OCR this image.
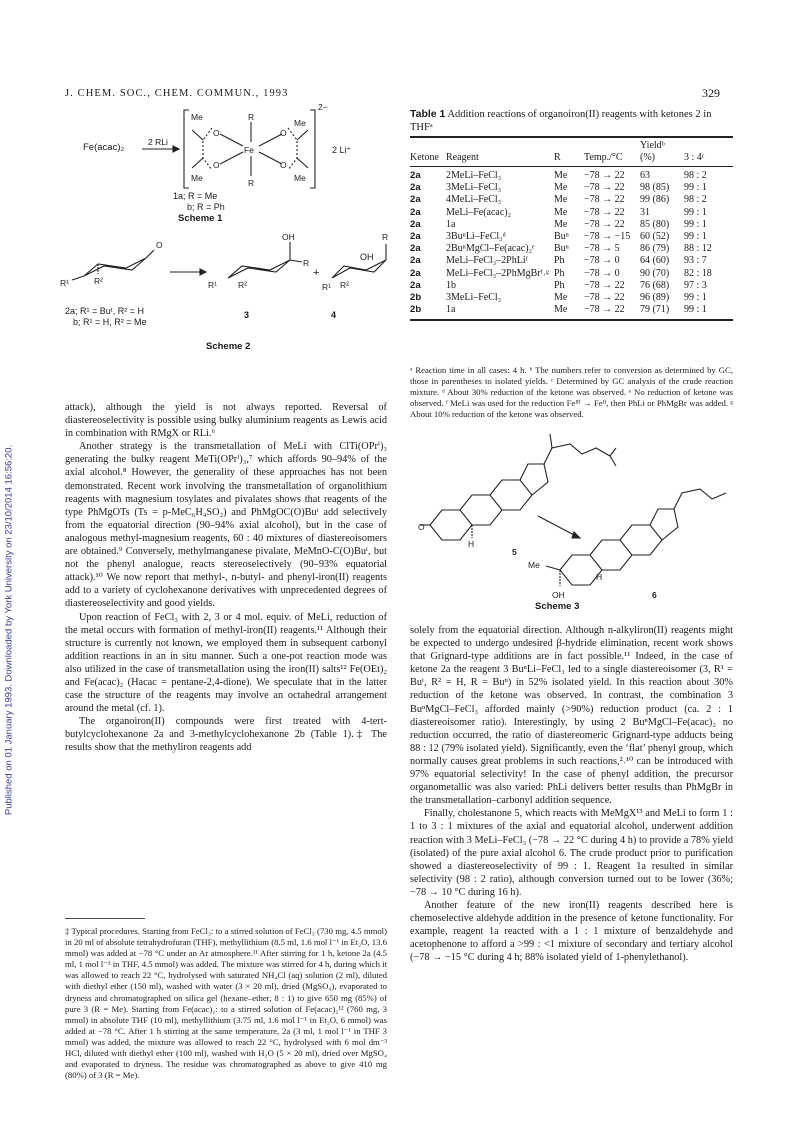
Published on 01 January 1993. Downloaded by York University on 23/10/2014 16:56:20.
J. CHEM. SOC., CHEM. COMMUN., 1993	329
Fe(acac)₂	2 RLi
Me
Me
Me	Me
R
R
Fe
O
O
O
O
2−
2 Li⁺
1a; R = Me
b; R = Ph
Scheme 1
O
R¹	R²
OH
R
R¹ R²
+
R
R¹ R²
OH
2a; R¹ = Buᵗ, R² = H
b; R¹ = H, R² = Me
3	4
Scheme 2

attack), although the yield is not always reported. Reversal of diastereoselectivity is possible using bulky aluminium reagents as Lewis acid in combination with RMgX or RLi.⁶

Another strategy is the transmetallation of MeLi with ClTi(OPrⁱ)₃ generating the bulky reagent MeTi(OPrⁱ)₃,⁷ which affords 90–94% of the axial alcohol.⁸ However, the generality of these approaches has not been demonstrated. Recent work involving the transmetallation of organolithium reagents with magnesium tosylates and pivalates shows that reagents of the type PhMgOTs (Ts = p-MeC₆H₄SO₂) and PhMgOC(O)Buᵗ add selectively from the equatorial direction (90–94% axial alcohol), but in the case of analogous methyl-magnesium reagents, 60 : 40 mixtures of diastereoisomers are obtained.⁹ Conversely, methylmanganese pivalate, MeMnO-C(O)Buᵗ, but not the phenyl analogue, reacts stereoselectively (90–93% equatorial attack).¹⁰ We now report that methyl-, n-butyl- and phenyl-iron(II) reagents add to a variety of cyclohexanone derivatives with unprecedented degrees of diastereoselectivity and good yields.

Upon reaction of FeCl₃ with 2, 3 or 4 mol. equiv. of MeLi, reduction of the metal occurs with formation of methyl-iron(II) reagents.¹¹ Although their structure is currently not known, we employed them in subsequent carbonyl addition reactions in an in situ manner. Such a one-pot reaction mode was also utilized in the case of transmetallation using the iron(II) salts¹² Fe(OEt)₂ and Fe(acac)₂ (Hacac = pentane-2,4-dione). We speculate that in the latter case the structure of the reagents may involve an octahedral arrangement around the metal (cf. 1).

The organoiron(II) compounds were first treated with 4-tert-butylcyclohexanone 2a and 3-methylcyclohexanone 2b (Table 1).‡ The results show that the methyliron reagents add

‡ Typical procedures. Starting from FeCl₃: to a stirred solution of FeCl₃ (730 mg, 4.5 mmol) in 20 ml of absolute tetrahydrofuran (THF), methyllithium (8.5 ml, 1.6 mol l⁻¹ in Et₂O, 13.6 mmol) was added at −78 °C under an Ar atmosphere.¹¹ After stirring for 1 h, ketone 2a (4.5 ml, 1 mol l⁻¹ in THF, 4.5 mmol) was added. The mixture was stirred for 4 h, during which it was allowed to reach 22 °C, hydrolysed with saturated NH₄Cl (aq) solution (2 ml), diluted with diethyl ether (150 ml), washed with water (3 × 20 ml), dried (MgSO₄), evaporated to dryness and chromatographed on silica gel (hexane–ether, 8 : 1) to give 650 mg (85%) of pure 3 (R = Me). Starting from Fe(acac)₂: to a stirred solution of Fe(acac)₂¹² (760 mg, 3 mmol) in absolute THF (10 ml), methyllithium (3.75 ml, 1.6 mol l⁻¹ in Et₂O, 6 mmol) was added at −78 °C. After 1 h stirring at the same temperature, 2a (3 ml, 1 mol l⁻¹ in THF 3 mmol) was added, the mixture was allowed to reach 22 °C, hydrolysed with 6 mol dm⁻³ HCl, diluted with diethyl ether (100 ml), washed with H₂O (5 × 20 ml), dried over MgSO₄ and evaporated to dryness. The residue was chromatographed as above to give 410 mg (80%) of 3 (R = Me).
Table 1 Addition reactions of organoiron(II) reagents with ketones 2 in THFᵃ
Ketone	Reagent	R	Temp./°C	Yieldᵇ
(%)	3 : 4ᶜ

2a	2MeLi–FeCl₃	Me	−78 → 22	63	98 : 2
2a	3MeLi–FeCl₃	Me	−78 → 22	98 (85)	99 : 1
2a	4MeLi–FeCl₃	Me	−78 → 22	99 (86)	98 : 2
2a	MeLi–Fe(acac)₂	Me	−78 → 22	31	99 : 1
2a	1a	Me	−78 → 22	85 (80)	99 : 1
2a	3BuⁿLi–FeCl₃ᵈ	Buⁿ	−78 → −15	60 (52)	99 : 1
2a	2BuⁿMgCl–Fe(acac)₂ᵉ	Buⁿ	−78 → 5	86 (79)	88 : 12
2a	MeLi–FeCl₃–2PhLiᶠ	Ph	−78 → 0	64 (60)	93 : 7
2a	MeLi–FeCl₃–2PhMgBrᶠ˒ᵍ	Ph	−78 → 0	90 (70)	82 : 18
2a	1b	Ph	−78 → 22	76 (68)	97 : 3
2b	3MeLi–FeCl₃	Me	−78 → 22	96 (89)	99 : 1
2b	1a	Me	−78 → 22	79 (71)	99 : 1
ᵃ Reaction time in all cases: 4 h. ᵇ The numbers refer to conversion as determined by GC, those in parentheses to isolated yields. ᶜ Determined by GC analysis of the crude reaction mixture. ᵈ About 30% reduction of the ketone was observed. ᵉ No reduction of ketone was observed. ᶠ MeLi was used for the reduction Feᴵᴵᴵ → Feᴵᴵ, then PhLi or PhMgBr was added. ᵍ About 10% reduction of the ketone was observed.
O
H
5
Me
OH
H
6
Scheme 3

solely from the equatorial direction. Although n-alkyliron(II) reagents might be expected to undergo undesired β-hydride elimination, recent work shows that Grignard-type additions are in fact possible.¹¹ Indeed, in the case of ketone 2a the reagent 3 BuⁿLi–FeCl₃ led to a single diastereoisomer (3, R¹ = Buᵗ, R² = H, R = Buⁿ) in 52% isolated yield. In this reaction about 30% reduction of the ketone was observed. In contrast, the combination 3 BuⁿMgCl–FeCl₃ afforded mainly (>90%) reduction product (ca. 2 : 1 diastereoisomer ratio). Interestingly, by using 2 BuⁿMgCl–Fe(acac)₂ no reduction occurred, the ratio of diastereomeric Grignard-type adducts being 88 : 12 (79% isolated yield). Significantly, even the ‘flat’ phenyl group, which normally causes great problems in such reactions,²˒¹⁰ can be introduced with 97% equatorial selectivity! In the case of phenyl addition, the precursor organometallic was also varied: PhLi delivers better results than PhMgBr in the transmetallation–carbonyl addition sequence.

Finally, cholestanone 5, which reacts with MeMgX¹³ and MeLi to form 1 : 1 to 3 : 1 mixtures of the axial and equatorial alcohol, underwent addition reaction with 3 MeLi–FeCl₃ (−78 → 22 °C during 4 h) to provide a 78% yield (isolated) of the pure axial alcohol 6. The crude product prior to purification showed a diastereoselectivity of 99 : 1. Reagent 1a resulted in similar selectivity (98 : 2 ratio), although conversion turned out to be lower (36%; −78 → 10 °C during 16 h).

Another feature of the new iron(II) reagents described here is chemoselective aldehyde addition in the presence of ketone functionality. For example, reagent 1a reacted with a 1 : 1 mixture of benzaldehyde and acetophenone to afford a >99 : <1 mixture of secondary and tertiary alcohol (−78 → −15 °C during 4 h; 88% isolated yield of 1-phenylethanol).
